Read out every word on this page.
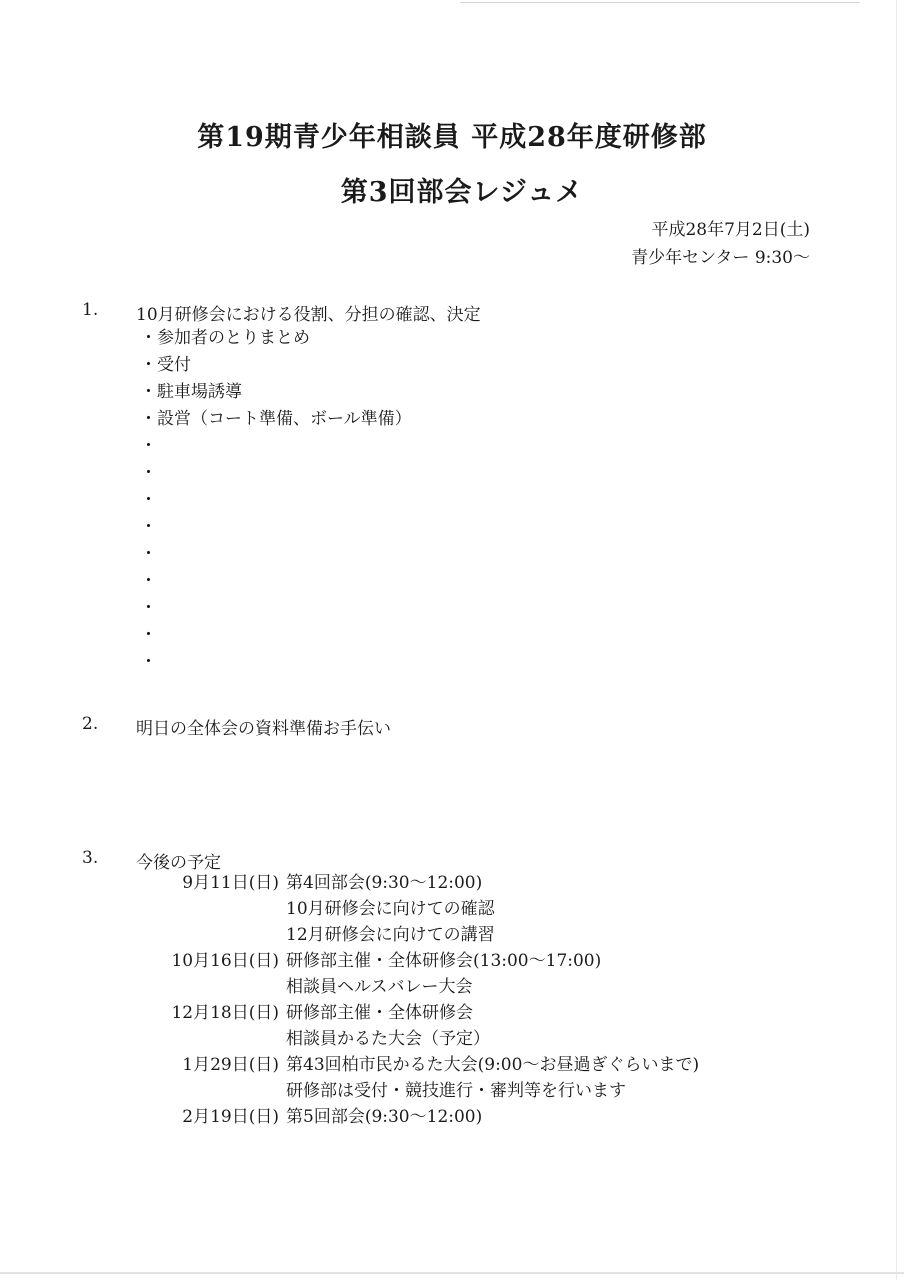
第19期青少年相談員 平成28年度研修部
第3回部会レジュメ
平成28年7月2日(土)
青少年センター 9:30～
1. 10月研修会における役割、分担の確認、決定
・参加者のとりまとめ
・受付
・駐車場誘導
・設営（コート準備、ボール準備）
・
・
・
・
・
・
・
・
・
2. 明日の全体会の資料準備お手伝い
3. 今後の予定
9月11日(日) 第4回部会(9:30～12:00)
10月研修会に向けての確認
12月研修会に向けての講習
10月16日(日) 研修部主催・全体研修会(13:00～17:00)
相談員ヘルスバレー大会
12月18日(日) 研修部主催・全体研修会
相談員かるた大会（予定）
1月29日(日) 第43回柏市民かるた大会(9:00～お昼過ぎぐらいまで)
研修部は受付・競技進行・審判等を行います
2月19日(日) 第5回部会(9:30～12:00)
